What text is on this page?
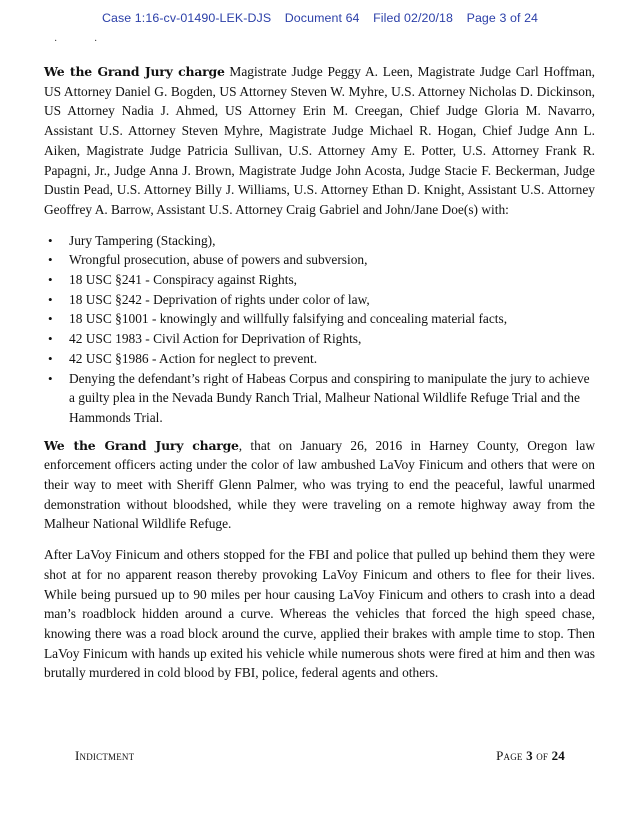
Case 1:16-cv-01490-LEK-DJS Document 64 Filed 02/20/18 Page 3 of 24
·	·

We the Grand Jury charge Magistrate Judge Peggy A. Leen, Magistrate Judge Carl Hoffman, US Attorney Daniel G. Bogden, US Attorney Steven W. Myhre, U.S. Attorney Nicholas D. Dickinson, US Attorney Nadia J. Ahmed, US Attorney Erin M. Creegan, Chief Judge Gloria M. Navarro, Assistant U.S. Attorney Steven Myhre, Magistrate Judge Michael R. Hogan, Chief Judge Ann L. Aiken, Magistrate Judge Patricia Sullivan, U.S. Attorney Amy E. Potter, U.S. Attorney Frank R. Papagni, Jr., Judge Anna J. Brown, Magistrate Judge John Acosta, Judge Stacie F. Beckerman, Judge Dustin Pead, U.S. Attorney Billy J. Williams, U.S. Attorney Ethan D. Knight, Assistant U.S. Attorney Geoffrey A. Barrow, Assistant U.S. Attorney Craig Gabriel and John/Jane Doe(s) with:

• Jury Tampering (Stacking),
• Wrongful prosecution, abuse of powers and subversion,
• 18 USC §241 - Conspiracy against Rights,
• 18 USC §242 - Deprivation of rights under color of law,
• 18 USC §1001 - knowingly and willfully falsifying and concealing material facts,
• 42 USC 1983 - Civil Action for Deprivation of Rights,
• 42 USC §1986 - Action for neglect to prevent.
• Denying the defendant’s right of Habeas Corpus and conspiring to manipulate the jury to achieve a guilty plea in the Nevada Bundy Ranch Trial, Malheur National Wildlife Refuge Trial and the Hammonds Trial.

We the Grand Jury charge, that on January 26, 2016 in Harney County, Oregon law enforcement officers acting under the color of law ambushed LaVoy Finicum and others that were on their way to meet with Sheriff Glenn Palmer, who was trying to end the peaceful, lawful unarmed demonstration without bloodshed, while they were traveling on a remote highway away from the Malheur National Wildlife Refuge.

After LaVoy Finicum and others stopped for the FBI and police that pulled up behind them they were shot at for no apparent reason thereby provoking LaVoy Finicum and others to flee for their lives. While being pursued up to 90 miles per hour causing LaVoy Finicum and others to crash into a dead man’s roadblock hidden around a curve. Whereas the vehicles that forced the high speed chase, knowing there was a road block around the curve, applied their brakes with ample time to stop. Then LaVoy Finicum with hands up exited his vehicle while numerous shots were fired at him and then was brutally murdered in cold blood by FBI, police, federal agents and others.

Indictment	Page 3 of 24
